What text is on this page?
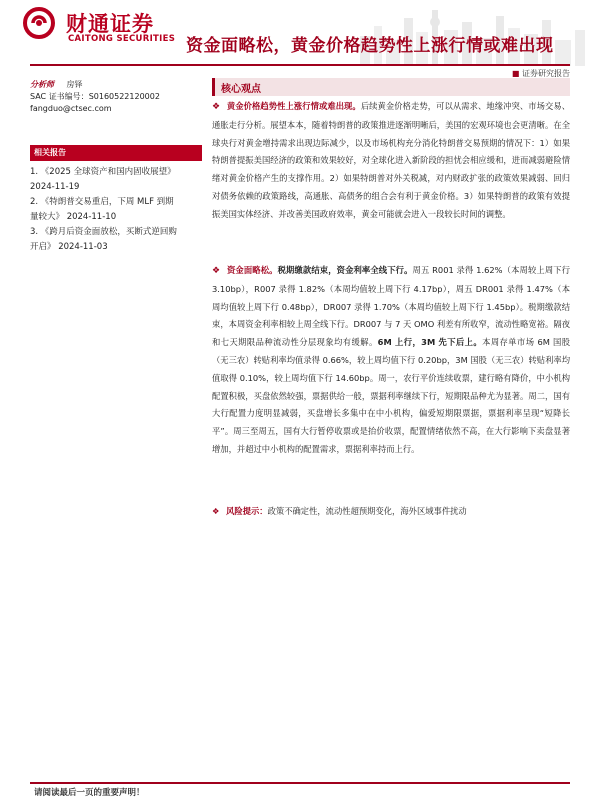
财通证券
CAITONG SECURITIES 资金面略松，黄金价格趋势性上涨行情或难出现
■ 证券研究报告
分析师 房铎
SAC 证书编号：S0160522120002
fangduo@ctsec.com
相关报告
1. 《2025 全球资产和国内固收展望》
2024-11-19
2. 《特朗普交易重启，下周 MLF 到期
量较大》 2024-11-10
3. 《跨月后资金面放松，买断式逆回购
开启》 2024-11-03
核心观点
❖ 黄金价格趋势性上涨行情或难出现。后续黄金价格走势，可以从需求、地缘冲突、市场交易、通胀走行分析。展望本本，随着特朗普的政策推进逐渐明晰后，美国的宏观环境也会更清晰。在全球央行对黄金增持需求出现边际减少，以及市场机构充分消化特朗普交易预期的情况下：1）如果特朗普提振美国经济的政策和效果较好，对全球化进入新阶段的担忧会相应缓和，进而减弱避险情绪对黄金价格产生的支撑作用。2）如果特朗普对外关税减，对内财政扩张的政策效果减弱、回归对债务依赖的政策路线，高通胀、高债务的组合会有利于黄金价格。3）如果特朗普的政策有效提振美国实体经济、并改善美国政府效率，黄金可能就会进入一段较长时间的调整。
❖ 资金面略松。税期缴款结束，资金利率全线下行。周五 R001 录得 1.62%（本周较上周下行 3.10bp），R007 录得 1.82%（本周均值较上周下行 4.17bp），周五 DR001 录得 1.47%（本周均值较上周下行 0.48bp），DR007 录得 1.70%（本周均值较上周下行 1.45bp）。税期缴款结束，本周资金利率相较上周全线下行。DR007 与 7 天 OMO 利差有所收窄，流动性略宽裕。隔夜和七天期限品种流动性分层现象均有缓解。6M 上行，3M 先下后上。本周存单市场 6M 国股（无三农）转贴利率均值录得 0.66%，较上周均值下行 0.20bp，3M 国股（无三农）转贴利率均值取得 0.10%，较上周均值下行 14.60bp。周一，农行平价连续收票，建行略有降价，中小机构配置积极，买盘依然较强，票据供给一般，票据利率继续下行，短期限品种尤为显著。周二，国有大行配置力度明显减弱，买盘增长多集中在中小机构，偏爱短期限票据，票据利率呈现“短降长平”。周三至周五，国有大行暂停收票或是抬价收票，配置情绪依然不高，在大行影响下卖盘显著增加，并超过中小机构的配置需求，票据利率持而上行。
❖ 风险提示：政策不确定性，流动性超预期变化，海外区域事件扰动
请阅读最后一页的重要声明！
